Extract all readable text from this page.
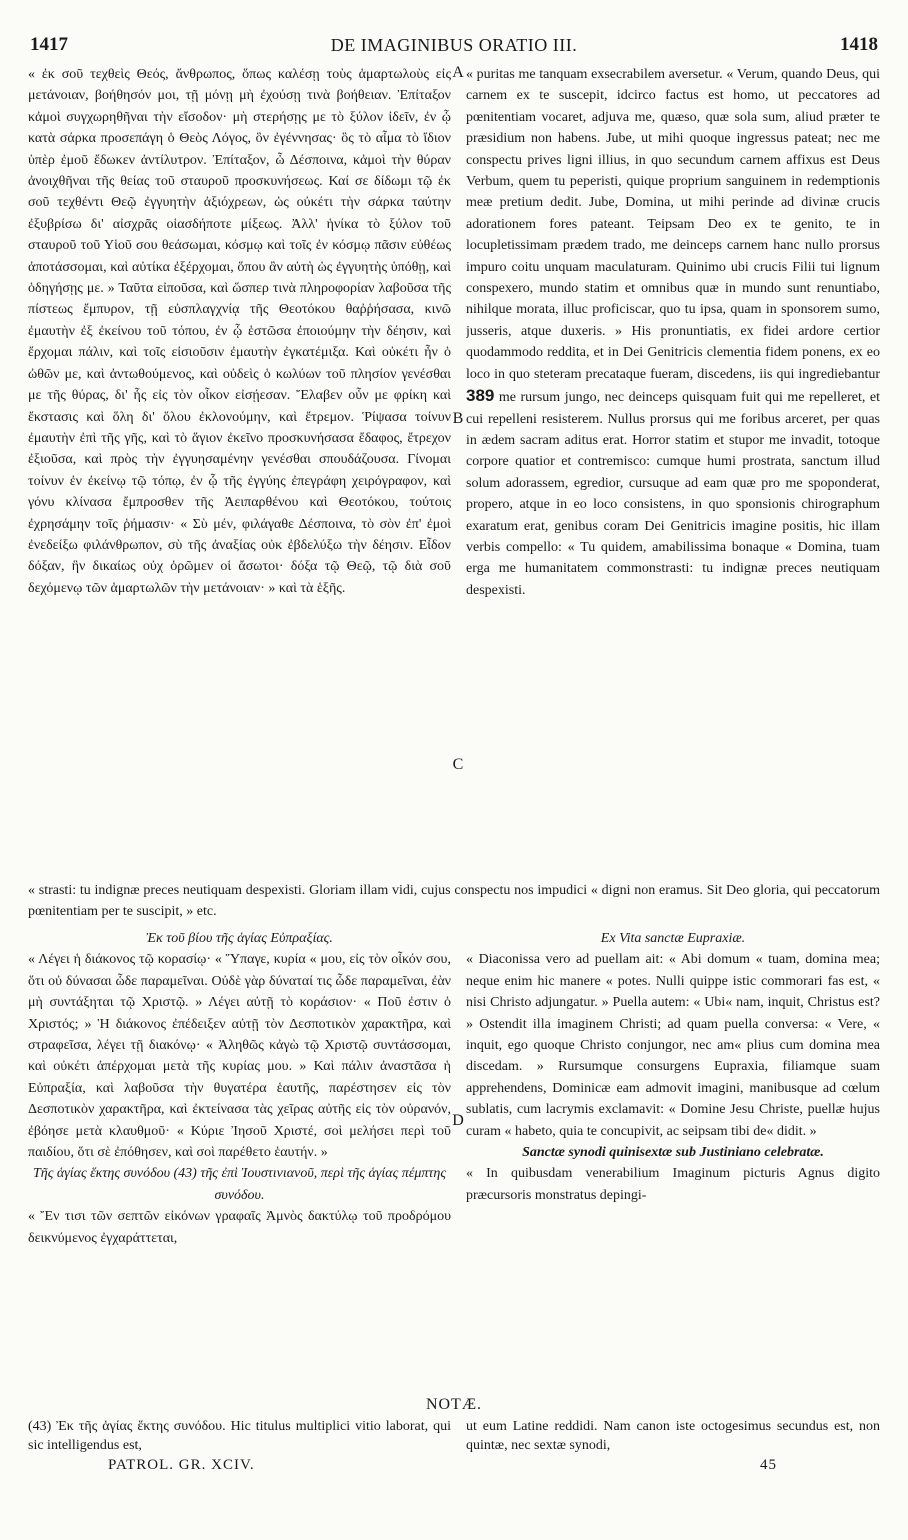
1417	DE IMAGINIBUS ORATIO III.	1418

« ἐκ σοῦ τεχθεὶς Θεός, ἄνθρωπος, ὅπως καλέσῃ τοὺς ἁμαρτωλοὺς εἰς μετάνοιαν, βοήθησόν μοι, τῇ μόνῃ μὴ ἐχούσῃ τινὰ βοήθειαν. Ἐπίταξον κἀμοὶ συγχωρηθῆναι τὴν εἴσοδον· μὴ στερήσῃς με τὸ ξύλον ἰδεῖν, ἐν ᾧ κατὰ σάρκα προσεπάγη ὁ Θεὸς Λόγος, ὃν ἐγέννησας· ὃς τὸ αἷμα τὸ ἴδιον ὑπὲρ ἐμοῦ ἔδωκεν ἀντίλυτρον. Ἐπίταξον, ὦ Δέσποινα, κἀμοὶ τὴν θύραν ἀνοιχθῆναι τῆς θείας τοῦ σταυροῦ προσκυνήσεως. Καί σε δίδωμι τῷ ἐκ σοῦ τεχθέντι Θεῷ ἐγγυητὴν ἀξιόχρεων, ὡς οὐκέτι τὴν σάρκα ταύτην ἐξυβρίσω δι' αἰσχρᾶς οἱασδήποτε μίξεως. Ἀλλ' ἡνίκα τὸ ξύλον τοῦ σταυροῦ τοῦ Υἱοῦ σου θεάσωμαι, κόσμῳ καὶ τοῖς ἐν κόσμῳ πᾶσιν εὐθέως ἀποτάσσομαι, καὶ αὐτίκα ἐξέρχομαι, ὅπου ἂν αὐτὴ ὡς ἐγγυητὴς ὑπόθῃ, καὶ ὁδηγήσῃς με. » Ταῦτα εἰποῦσα, καὶ ὥσπερ τινὰ πληροφορίαν λαβοῦσα τῆς πίστεως ἔμπυρον, τῇ εὐσπλαγχνίᾳ τῆς Θεοτόκου θαῤῥήσασα, κινῶ ἐμαυτὴν ἐξ ἐκείνου τοῦ τόπου, ἐν ᾧ ἑστῶσα ἐποιούμην τὴν δέησιν, καὶ ἔρχομαι πάλιν, καὶ τοῖς εἰσιοῦσιν ἐμαυτὴν ἐγκατέμιξα. Καὶ οὐκέτι ἦν ὁ ὠθῶν με, καὶ ἀντωθούμενος, καὶ οὐδεὶς ὁ κωλύων τοῦ πλησίον γενέσθαι με τῆς θύρας, δι' ἧς εἰς τὸν οἶκον εἰσῄεσαν. Ἔλαβεν οὖν με φρίκη καὶ ἔκστασις καὶ ὅλη δι' ὅλου ἐκλονούμην, καὶ ἔτρεμον. Ῥίψασα τοίνυν ἐμαυτὴν ἐπὶ τῆς γῆς, καὶ τὸ ἅγιον ἐκεῖνο προσκυνήσασα ἔδαφος, ἔτρεχον ἐξιοῦσα, καὶ πρὸς τὴν ἐγγυησαμένην γενέσθαι σπουδάζουσα. Γίνομαι τοίνυν ἐν ἐκείνῳ τῷ τόπῳ, ἐν ᾧ τῆς ἐγγύης ἐπεγράφη χειρόγραφον, καὶ γόνυ κλίνασα ἔμπροσθεν τῆς Ἀειπαρθένου καὶ Θεοτόκου, τούτοις ἐχρησάμην τοῖς ῥήμασιν· « Σὺ μέν, φιλάγαθε Δέσποινα, τὸ σὸν ἐπ' ἐμοὶ ἐνεδείξω φιλάνθρωπον, σὺ τῆς ἀναξίας οὐκ ἐβδελύξω τὴν δέησιν. Εἶδον δόξαν, ἣν δικαίως οὐχ ὁρῶμεν οἱ ἄσωτοι· δόξα τῷ Θεῷ, τῷ διὰ σοῦ δεχόμενῳ τῶν ἁμαρτωλῶν τὴν μετάνοιαν· » καὶ τὰ ἑξῆς.

« puritas me tanquam exsecrabilem aversetur. « Verum, quando Deus, qui carnem ex te suscepit, idcirco factus est homo, ut peccatores ad pœnitentiam vocaret, adjuva me, quæso, quæ sola sum, aliud præter te præsidium non habens. Jube, ut mihi quoque ingressus pateat; nec me conspectu prives ligni illius, in quo secundum carnem affixus est Deus Verbum, quem tu peperisti, quique proprium sanguinem in redemptionis meæ pretium dedit. Jube, Domina, ut mihi perinde ad divinæ crucis adorationem fores pateant. Teipsam Deo ex te genito, te in locupletissimam prædem trado, me deinceps carnem hanc nullo prorsus impuro coitu unquam maculaturam. Quinimo ubi crucis Filii tui lignum conspexero, mundo statim et omnibus quæ in mundo sunt renuntiabo, nihilque morata, illuc proficiscar, quo tu ipsa, quam in sponsorem sumo, jusseris, atque duxeris. » His pronuntiatis, ex fidei ardore certior quodammodo reddita, et in Dei Genitricis clementia fidem ponens, ex eo loco in quo steteram precataque fueram, discedens, iis qui ingrediebantur 389 me rursum jungo, nec deinceps quisquam fuit qui me repelleret, et cui repelleni resisterem. Nullus prorsus qui me foribus arceret, per quas in ædem sacram aditus erat. Horror statim et stupor me invadit, totoque corpore quatior et contremisco: cumque humi prostrata, sanctum illud solum adorassem, egredior, cursuque ad eam quæ pro me spoponderat, propero, atque in eo loco consistens, in quo sponsionis chirographum exaratum erat, genibus coram Dei Genitricis imagine positis, hic illam verbis compello: « Tu quidem, amabilissima bonaque « Domina, tuam erga me humanitatem commonstrasti: tu indignæ preces neutiquam despexisti.

A
B
C
D

« strasti: tu indignæ preces neutiquam despexisti. Gloriam illam vidi, cujus conspectu nos impudici « digni non eramus. Sit Deo gloria, qui peccatorum pœnitentiam per te suscipit, » etc.

Ἐκ τοῦ βίου τῆς ἁγίας Εὐπραξίας.

« Λέγει ἡ διάκονος τῷ κορασίῳ· « Ὕπαγε, κυρία « μου, εἰς τὸν οἶκόν σου, ὅτι οὐ δύνασαι ὧδε παραμεῖναι. Οὐδὲ γὰρ δύναταί τις ὧδε παραμεῖναι, ἐὰν μὴ συντάξηται τῷ Χριστῷ. » Λέγει αὐτῇ τὸ κοράσιον· « Ποῦ ἐστιν ὁ Χριστός; » Ἡ διάκονος ἐπέδειξεν αὐτῇ τὸν Δεσποτικὸν χαρακτῆρα, καὶ στραφεῖσα, λέγει τῇ διακόνῳ· « Ἀληθῶς κἀγὼ τῷ Χριστῷ συντάσσομαι, καὶ οὐκέτι ἀπέρχομαι μετὰ τῆς κυρίας μου. » Καὶ πάλιν ἀναστᾶσα ἡ Εὐπραξία, καὶ λαβοῦσα τὴν θυγατέρα ἑαυτῆς, παρέστησεν εἰς τὸν Δεσποτικὸν χαρακτῆρα, καὶ ἐκτείνασα τὰς χεῖρας αὐτῆς εἰς τὸν οὐρανόν, ἐβόησε μετὰ κλαυθμοῦ· « Κύριε Ἰησοῦ Χριστέ, σοὶ μελήσει περὶ τοῦ παιδίου, ὅτι σὲ ἐπόθησεν, καὶ σοὶ παρέθετο ἑαυτήν. »

Τῆς ἁγίας ἕκτης συνόδου (43) τῆς ἐπὶ Ἰουστινιανοῦ, περὶ τῆς ἁγίας πέμπτης συνόδου.

« Ἔν τισι τῶν σεπτῶν εἰκόνων γραφαῖς Ἀμνὸς δακτύλῳ τοῦ προδρόμου δεικνύμενος ἐγχαράττεται,

Ex Vita sanctæ Eupraxiæ.

« Diaconissa vero ad puellam ait: « Abi domum « tuam, domina mea; neque enim hic manere « potes. Nulli quippe istic commorari fas est, « nisi Christo adjungatur. » Puella autem: « Ubi« nam, inquit, Christus est? » Ostendit illa imaginem Christi; ad quam puella conversa: « Vere, « inquit, ego quoque Christo conjungor, nec am« plius cum domina mea discedam. » Rursumque consurgens Eupraxia, filiamque suam apprehendens, Dominicæ eam admovit imagini, manibusque ad cœlum sublatis, cum lacrymis exclamavit: « Domine Jesu Christe, puellæ hujus curam « habeto, quia te concupivit, ac seipsam tibi de« didit. »

Sanctæ synodi quinisextæ sub Justiniano celebratæ.

« In quibusdam venerabilium Imaginum picturis Agnus digito præcursoris monstratus depingi-

NOTÆ.
(43) Ἐκ τῆς ἁγίας ἕκτης συνόδου. Hic titulus multiplici vitio laborat, qui sic intelligendus est,
ut eum Latine reddidi. Nam canon iste octogesimus secundus est, non quintæ, nec sextæ synodi,
PATROL. GR. XCIV.	45
